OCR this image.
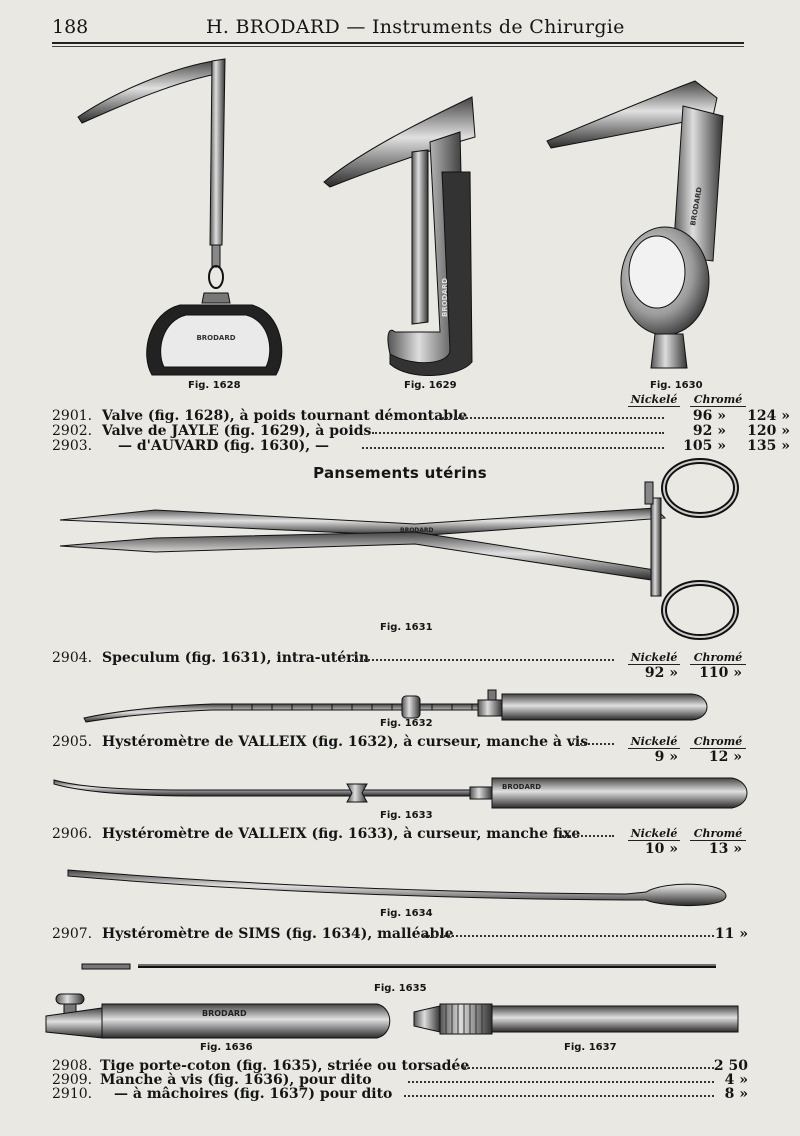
188	H. BRODARD — Instruments de Chirurgie
BRODARD
Fig. 1628
BRODARD
Fig. 1629
BRODARD
Fig. 1630
Nickelé	Chromé
2901. Valve (fig. 1628), à poids tournant démontable	96 »	124 »
2902. Valve de JAYLE (fig. 1629), à poids	92 »	120 »
2903.	— d'AUVARD (fig. 1630), —	105 »	135 »
Pansements utérins
BRODARD
Fig. 1631
Nickelé	Chromé
2904. Speculum (fig. 1631), intra-utérin
92 »	110 »
Fig. 1632
Nickelé	Chromé
2905. Hystéromètre de VALLEIX (fig. 1632), à curseur, manche à vis
9 »	12 »
BRODARD
Fig. 1633
Nickelé	Chromé
2906. Hystéromètre de VALLEIX (fig. 1633), à curseur, manche fixe
10 »	13 »
Fig. 1634
2907. Hystéromètre de SIMS (fig. 1634), malléable	11 »
Fig. 1635
BRODARD
Fig. 1636	Fig. 1637
2908. Tige porte-coton (fig. 1635), striée ou torsadée	2 50
2909. Manche à vis (fig. 1636), pour dito	4 »
2910.	— à mâchoires (fig. 1637) pour dito	8 »
